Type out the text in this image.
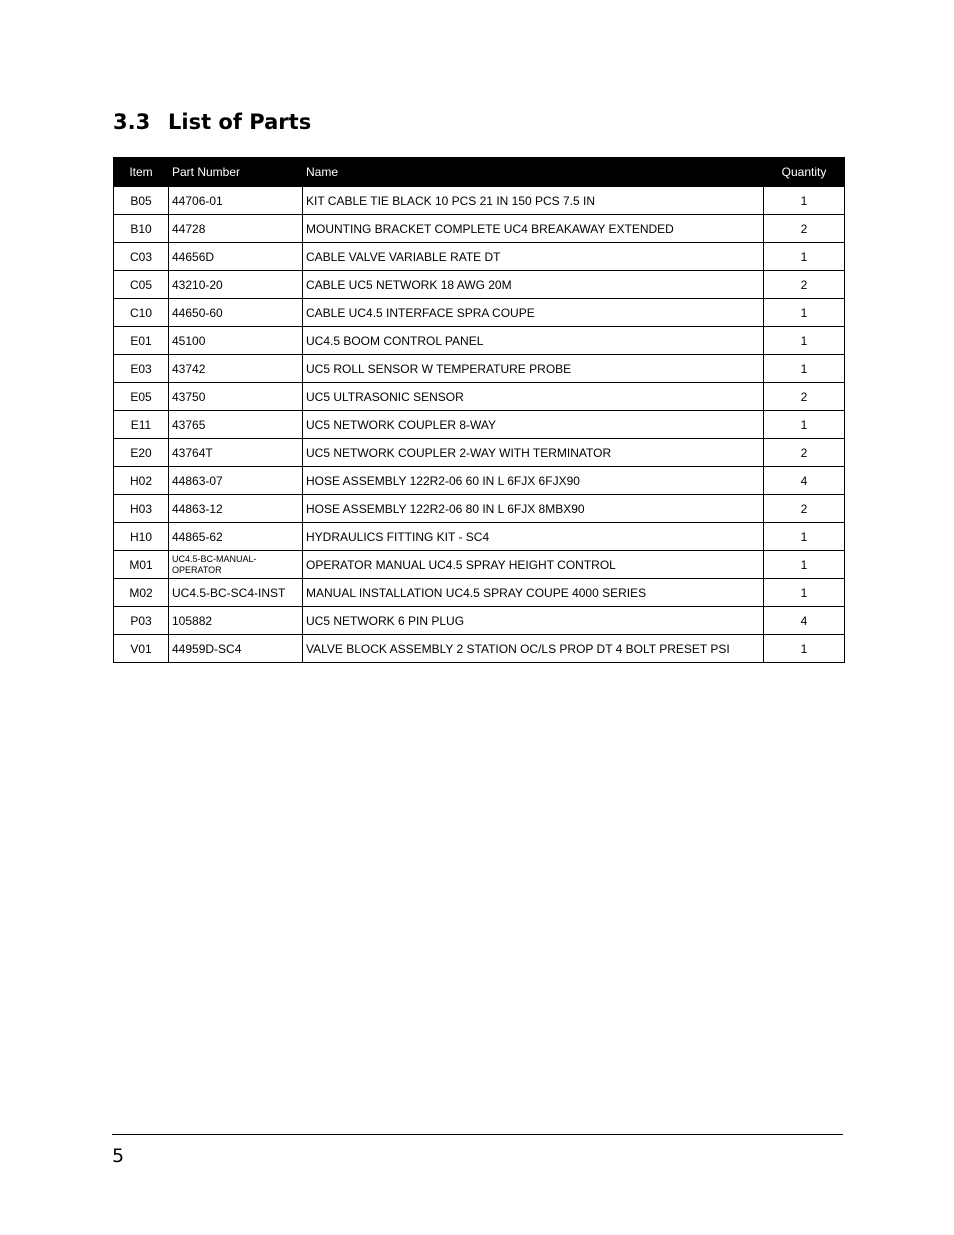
3.3 List of Parts
Item	Part Number	Name	Quantity
B05	44706-01	KIT CABLE TIE BLACK 10 PCS 21 IN 150 PCS 7.5 IN	1
B10	44728	MOUNTING BRACKET COMPLETE UC4 BREAKAWAY EXTENDED	2
C03	44656D	CABLE VALVE VARIABLE RATE DT	1
C05	43210-20	CABLE UC5 NETWORK 18 AWG 20M	2
C10	44650-60	CABLE UC4.5 INTERFACE SPRA COUPE	1
E01	45100	UC4.5 BOOM CONTROL PANEL	1
E03	43742	UC5 ROLL SENSOR W TEMPERATURE PROBE	1
E05	43750	UC5 ULTRASONIC SENSOR	2
E11	43765	UC5 NETWORK COUPLER 8-WAY	1
E20	43764T	UC5 NETWORK COUPLER 2-WAY WITH TERMINATOR	2
H02	44863-07	HOSE ASSEMBLY 122R2-06 60 IN L 6FJX 6FJX90	4
H03	44863-12	HOSE ASSEMBLY 122R2-06 80 IN L 6FJX 8MBX90	2
H10	44865-62	HYDRAULICS FITTING KIT - SC4	1
M01	UC4.5-BC-MANUAL-OPERATOR	OPERATOR MANUAL UC4.5 SPRAY HEIGHT CONTROL	1
M02	UC4.5-BC-SC4-INST	MANUAL INSTALLATION UC4.5 SPRAY COUPE 4000 SERIES	1
P03	105882	UC5 NETWORK 6 PIN PLUG	4
V01	44959D-SC4	VALVE BLOCK ASSEMBLY 2 STATION OC/LS PROP DT 4 BOLT PRESET PSI	1
5
